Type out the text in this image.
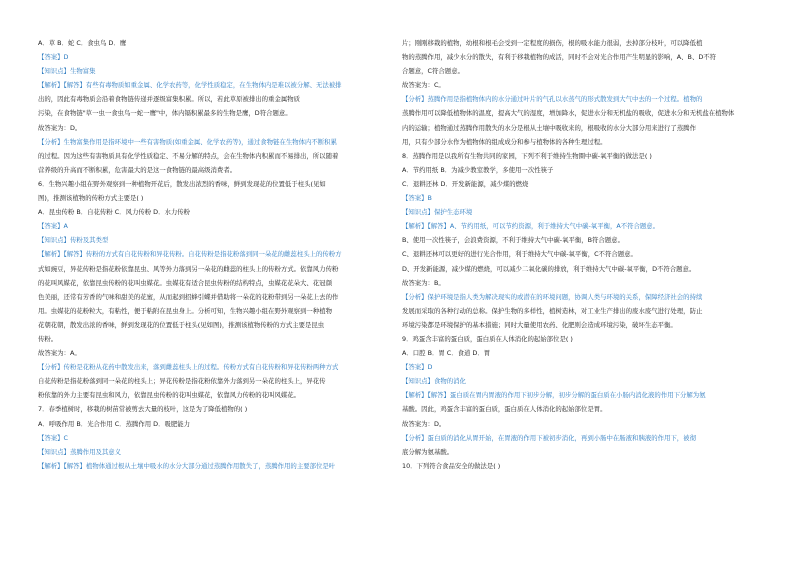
A．草 B．蛇 C．食虫鸟 D．鹰
【答案】D
【知识点】生物富集
【解析】【解答】有些有毒物质如重金属、化学农药等，化学性质稳定，在生物体内是难以被分解、无法被排
出的，因此有毒物质会沿着食物链传递并逐级富集积累。所以，若此草原被排出的重金属物质
污染，在食物链"草一虫一食虫鸟一蛇一鹰"中，体内镉积累最多的生物是鹰，D符合题意。
故答案为：D。
【分析】生物富集作用是指环境中一些有害物质(如重金属、化学农药等)，通过食物链在生物体内不断积累
的过程。因为这些有害物质具有化学性质稳定、不易分解的特点，会在生物体内积累而不易排出，所以随着
营养级的升高而不断积累，危害最大的是这一食物链的最高级消费者。
6．生物兴趣小组在野外观察到一种植物开花后，散发出浓烈的香味，鲜到发现花的位置低于柱头(见如
图)，推测该植物的传粉方式主要是( )
A．昆虫传粉 B．自花传粉 C．风力传粉 D．水力传粉
【答案】A
【知识点】传粉及其类型
【解析】【解答】传粉的方式有自花传粉和异花传粉。自花传粉是指花粉落到同一朵花的雌蕊柱头上的传粉方
式如豌豆，异花传粉是指花粉依靠昆虫、风等外力落到另一朵花的雌蕊的柱头上的传粉方式。依靠风力传粉
的花叫风媒花，依靠昆虫传粉的花叫虫媒花。虫媒花有适合昆虫传粉的结构特点，虫媒花花朵大、花冠颜
色美丽，还常有芳香的气味和甜美的花蜜，从而起到招蜂引蝶并借助将一朵花的花粉带到另一朵花上去的作
用。虫媒花的花粉粒大，有粘性，便于粘附在昆虫身上。分析可知，生物兴趣小组在野外观察到一种植物
花朝花朝，散发出浓的香味，鲜到发现花的位置低于柱头(见如图)，推测该植物传粉的方式主要是昆虫
传粉。
故答案为：A。
【分析】传粉是花粉从花药中散发出来，落到雌蕊柱头上的过程。传粉方式有自花传粉和异花传粉两种方式
自花传粉是指花粉落到同一朵花的柱头上；异花传粉是指花粉依靠外力落到另一朵花的柱头上，异花传
粉依靠的外力主要有昆虫和风力，依靠昆虫传粉的花叫虫媒花，依靠风力传粉的花叫风媒花。
7．春季植树时，移栽的树苗常被剪去大量的枝叶，这是为了降低植物的( )
A．呼吸作用 B．光合作用 C．蒸腾作用 D．吸肥能力
【答案】C
【知识点】蒸腾作用及其意义
【解析】【解答】植物体通过根从土壤中吸水的水分大部分通过蒸腾作用散失了，蒸腾作用的主要部位是叶
片；刚刚移栽的植物，幼根和根毛会受到一定程度的损伤，根的吸水能力很弱，去掉部分枝叶，可以降低植
物的蒸腾作用，减少水分的散失，有利于移栽植物的成活，同时不会对光合作用产生明显的影响，A、B、D不符
合题意，C符合题意。
故答案为：C。
【分析】蒸腾作用是指植物体内的水分通过叶片的气孔以水蒸气的形式散发到大气中去的一个过程。植物的
蒸腾作用可以降低植物体的温度，提高大气的湿度，增加降水，促进水分和无机盐的吸收，促进水分和无机盐在植物体
内的运输；植物通过蒸腾作用散失的水分是根从土壤中吸收来的，根吸收的水分大部分用来进行了蒸腾作
用，只有少部分水作为植物体的组成成分和参与植物体的各种生理过程。
8．蒸腾作用是以我所有生物共同的家园，下列不利于维持生物圈中碳-氧平衡的做法是( )
A．节约用纸 B．为减少教室教学，多使用一次性筷子
C．退耕还林 D．开发新能源，减少煤的燃烧
【答案】B
【知识点】保护生态环境
【解析】【解答】A、节约用纸，可以节约资源，利于维持大气中碳-氧平衡，A不符合题意。
B、使用一次性筷子，会浪费资源，不利于维持大气中碳-氧平衡，B符合题意。
C、退耕还林可以更好的进行光合作用，利于维持大气中碳-氧平衡，C不符合题意。
D、开发新能源，减少煤的燃烧，可以减少二氧化碳的排放，利于维持大气中碳-氧平衡，D不符合题意。
故答案为：B。
【分析】保护环境是指人类为解决现实的或潜在的环境问题，协调人类与环境的关系，保障经济社会的持续
发展而采取的各种行动的总称。保护生物的多样性，植树造林，对工业生产排出的废水废气进行处理，防止
环境污染都是环境保护的基本措施；同时大量使用农药、化肥则会造成环境污染，破坏生态平衡。
9．鸡蛋含丰富的蛋白质，蛋白质在人体消化的起始部位是( )
A．口腔 B．胃 C．食道 D．胃
【答案】D
【知识点】食物的消化
【解析】【解答】蛋白质在胃内胃液的作用下初步分解，初步分解的蛋白质在小肠内消化液的作用下分解为氨
基酸。因此，鸡蛋含丰富的蛋白质，蛋白质在人体消化的起始部位是胃。
故答案为：D。
【分析】蛋白质的消化从胃开始，在胃液的作用下被初步消化，再到小肠中在肠液和胰液的作用下，被彻
底分解为氨基酸。
10．下列符合食品安全的做法是( )
